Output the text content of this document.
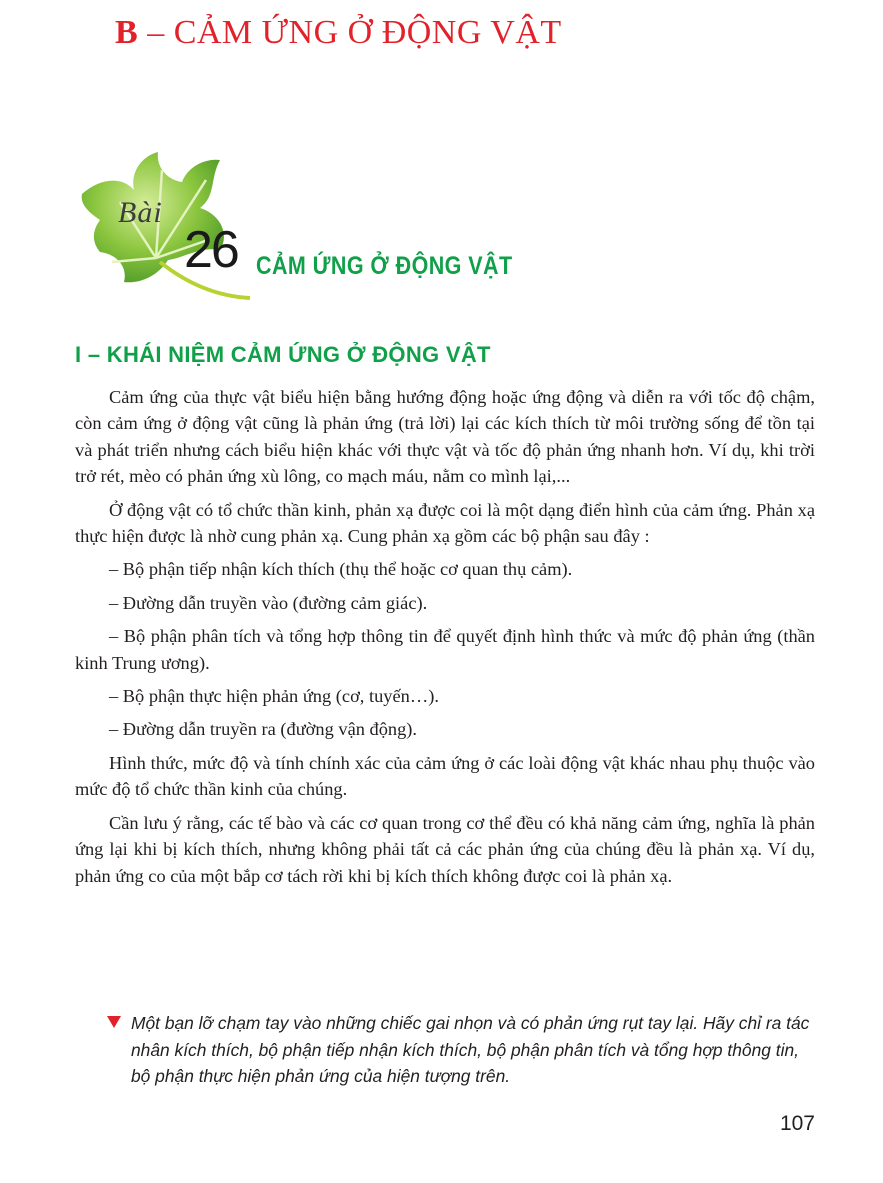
B – CẢM ỨNG Ở ĐỘNG VẬT
Bài
26 CẢM ỨNG Ở ĐỘNG VẬT
I – KHÁI NIỆM CẢM ỨNG Ở ĐỘNG VẬT

Cảm ứng của thực vật biểu hiện bằng hướng động hoặc ứng động và diễn ra với tốc độ chậm, còn cảm ứng ở động vật cũng là phản ứng (trả lời) lại các kích thích từ môi trường sống để tồn tại và phát triển nhưng cách biểu hiện khác với thực vật và tốc độ phản ứng nhanh hơn. Ví dụ, khi trời trở rét, mèo có phản ứng xù lông, co mạch máu, nằm co mình lại,...

Ở động vật có tổ chức thần kinh, phản xạ được coi là một dạng điển hình của cảm ứng. Phản xạ thực hiện được là nhờ cung phản xạ. Cung phản xạ gồm các bộ phận sau đây :

– Bộ phận tiếp nhận kích thích (thụ thể hoặc cơ quan thụ cảm).

– Đường dẫn truyền vào (đường cảm giác).

– Bộ phận phân tích và tổng hợp thông tin để quyết định hình thức và mức độ phản ứng (thần kinh Trung ương).

– Bộ phận thực hiện phản ứng (cơ, tuyến…).

– Đường dẫn truyền ra (đường vận động).

Hình thức, mức độ và tính chính xác của cảm ứng ở các loài động vật khác nhau phụ thuộc vào mức độ tổ chức thần kinh của chúng.

Cần lưu ý rằng, các tế bào và các cơ quan trong cơ thể đều có khả năng cảm ứng, nghĩa là phản ứng lại khi bị kích thích, nhưng không phải tất cả các phản ứng của chúng đều là phản xạ. Ví dụ, phản ứng co của một bắp cơ tách rời khi bị kích thích không được coi là phản xạ.

Một bạn lỡ chạm tay vào những chiếc gai nhọn và có phản ứng rụt tay lại. Hãy chỉ ra tác nhân kích thích, bộ phận tiếp nhận kích thích, bộ phận phân tích và tổng hợp thông tin, bộ phận thực hiện phản ứng của hiện tượng trên.

107
